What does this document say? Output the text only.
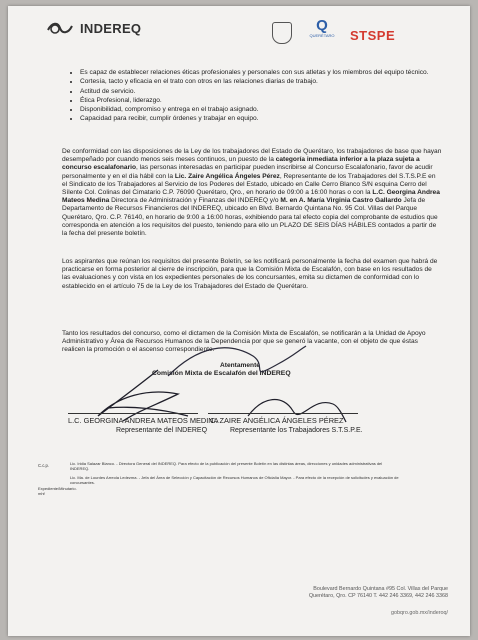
INDEREQ	Q
QUERÉTARO	STSPE
• Es capaz de establecer relaciones éticas profesionales y personales con sus atletas y los miembros del equipo técnico.
• Cortesía, tacto y eficacia en el trato con otros en las relaciones diarias de trabajo.
• Actitud de servicio.
• Ética Profesional, liderazgo.
• Disponibilidad, compromiso y entrega en el trabajo asignado.
• Capacidad para recibir, cumplir órdenes y trabajar en equipo.
De conformidad con las disposiciones de la Ley de los trabajadores del Estado de Querétaro, los trabajadores de base que hayan desempeñado por cuando menos seis meses continuos, un puesto de la categoría inmediata inferior a la plaza sujeta a concurso escalafonario, las personas interesadas en participar pueden inscribirse al Concurso Escalafonario, favor de acudir personalmente y en el día hábil con la Lic. Zaire Angélica Ángeles Pérez, Representante de los Trabajadores del S.T.S.P.E en el Sindicato de los Trabajadores al Servicio de los Poderes del Estado, ubicado en Calle Cerro Blanco S/N esquina Cerro del Sílente Col. Colinas del Cimatario C.P. 76090 Querétaro, Qro., en horario de 09:00 a 16:00 horas o con la L.C. Georgina Andrea Mateos Medina Directora de Administración y Finanzas del INDEREQ y/o M. en A. María Virginia Castro Gallardo Jefa de Departamento de Recursos Financieros del INDEREQ, ubicado en Blvd. Bernardo Quintana No. 95 Col. Villas del Parque Querétaro, Qro. C.P. 76140, en horario de 9:00 a 16:00 horas, exhibiendo para tal efecto copia del comprobante de estudios que corresponda en atención a los requisitos del puesto, teniendo para ello un PLAZO DE SEIS DÍAS HÁBILES contados a partir de la fecha del presente boletín.
Los aspirantes que reúnan los requisitos del presente Boletín, se les notificará personalmente la fecha del examen que habrá de practicarse en forma posterior al cierre de inscripción, para que la Comisión Mixta de Escalafón, con base en los resultados de las evaluaciones y con vista en los expedientes personales de los concursantes, emita su dictamen de conformidad con lo establecido en el artículo 75 de la Ley de los Trabajadores del Estado de Querétaro.
Tanto los resultados del concurso, como el dictamen de la Comisión Mixta de Escalafón, se notificarán a la Unidad de Apoyo Administrativo y Área de Recursos Humanos de la Dependencia por que se generó la vacante, con el objeto de que éstas realicen la promoción o el ascenso correspondiente.
Atentamente
Comisión Mixta de Escalafón del INDEREQ
L.C. GEORGINA ANDREA MATEOS MEDINA
Representante del INDEREQ
C. ZAIRE ANGÉLICA ÁNGELES PÉREZ
Representante los Trabajadores S.T.S.P.E.
C.c.p.	Lic. Iridia Salazar Blanco. - Directora General del INDEREQ. Para efecto de la publicación del presente Boletín en las distintas áreas, direcciones y unidades administrativas del INDEREQ.
Lic. Ma. de Lourdes Arreola Ledezma. - Jefa del Área de Selección y Capacitación de Recursos Humanos de Oficialía Mayor. - Para efecto de la recepción de solicitudes y evaluación de concursantes.
Expediente/Minutario.
mhf
Boulevard Bernardo Quintana #95 Col. Villas del Parque
Querétaro, Qro. CP 76140 T. 442 246 3369, 442 246 3368
gobqro.gob.mx/inderoq/
